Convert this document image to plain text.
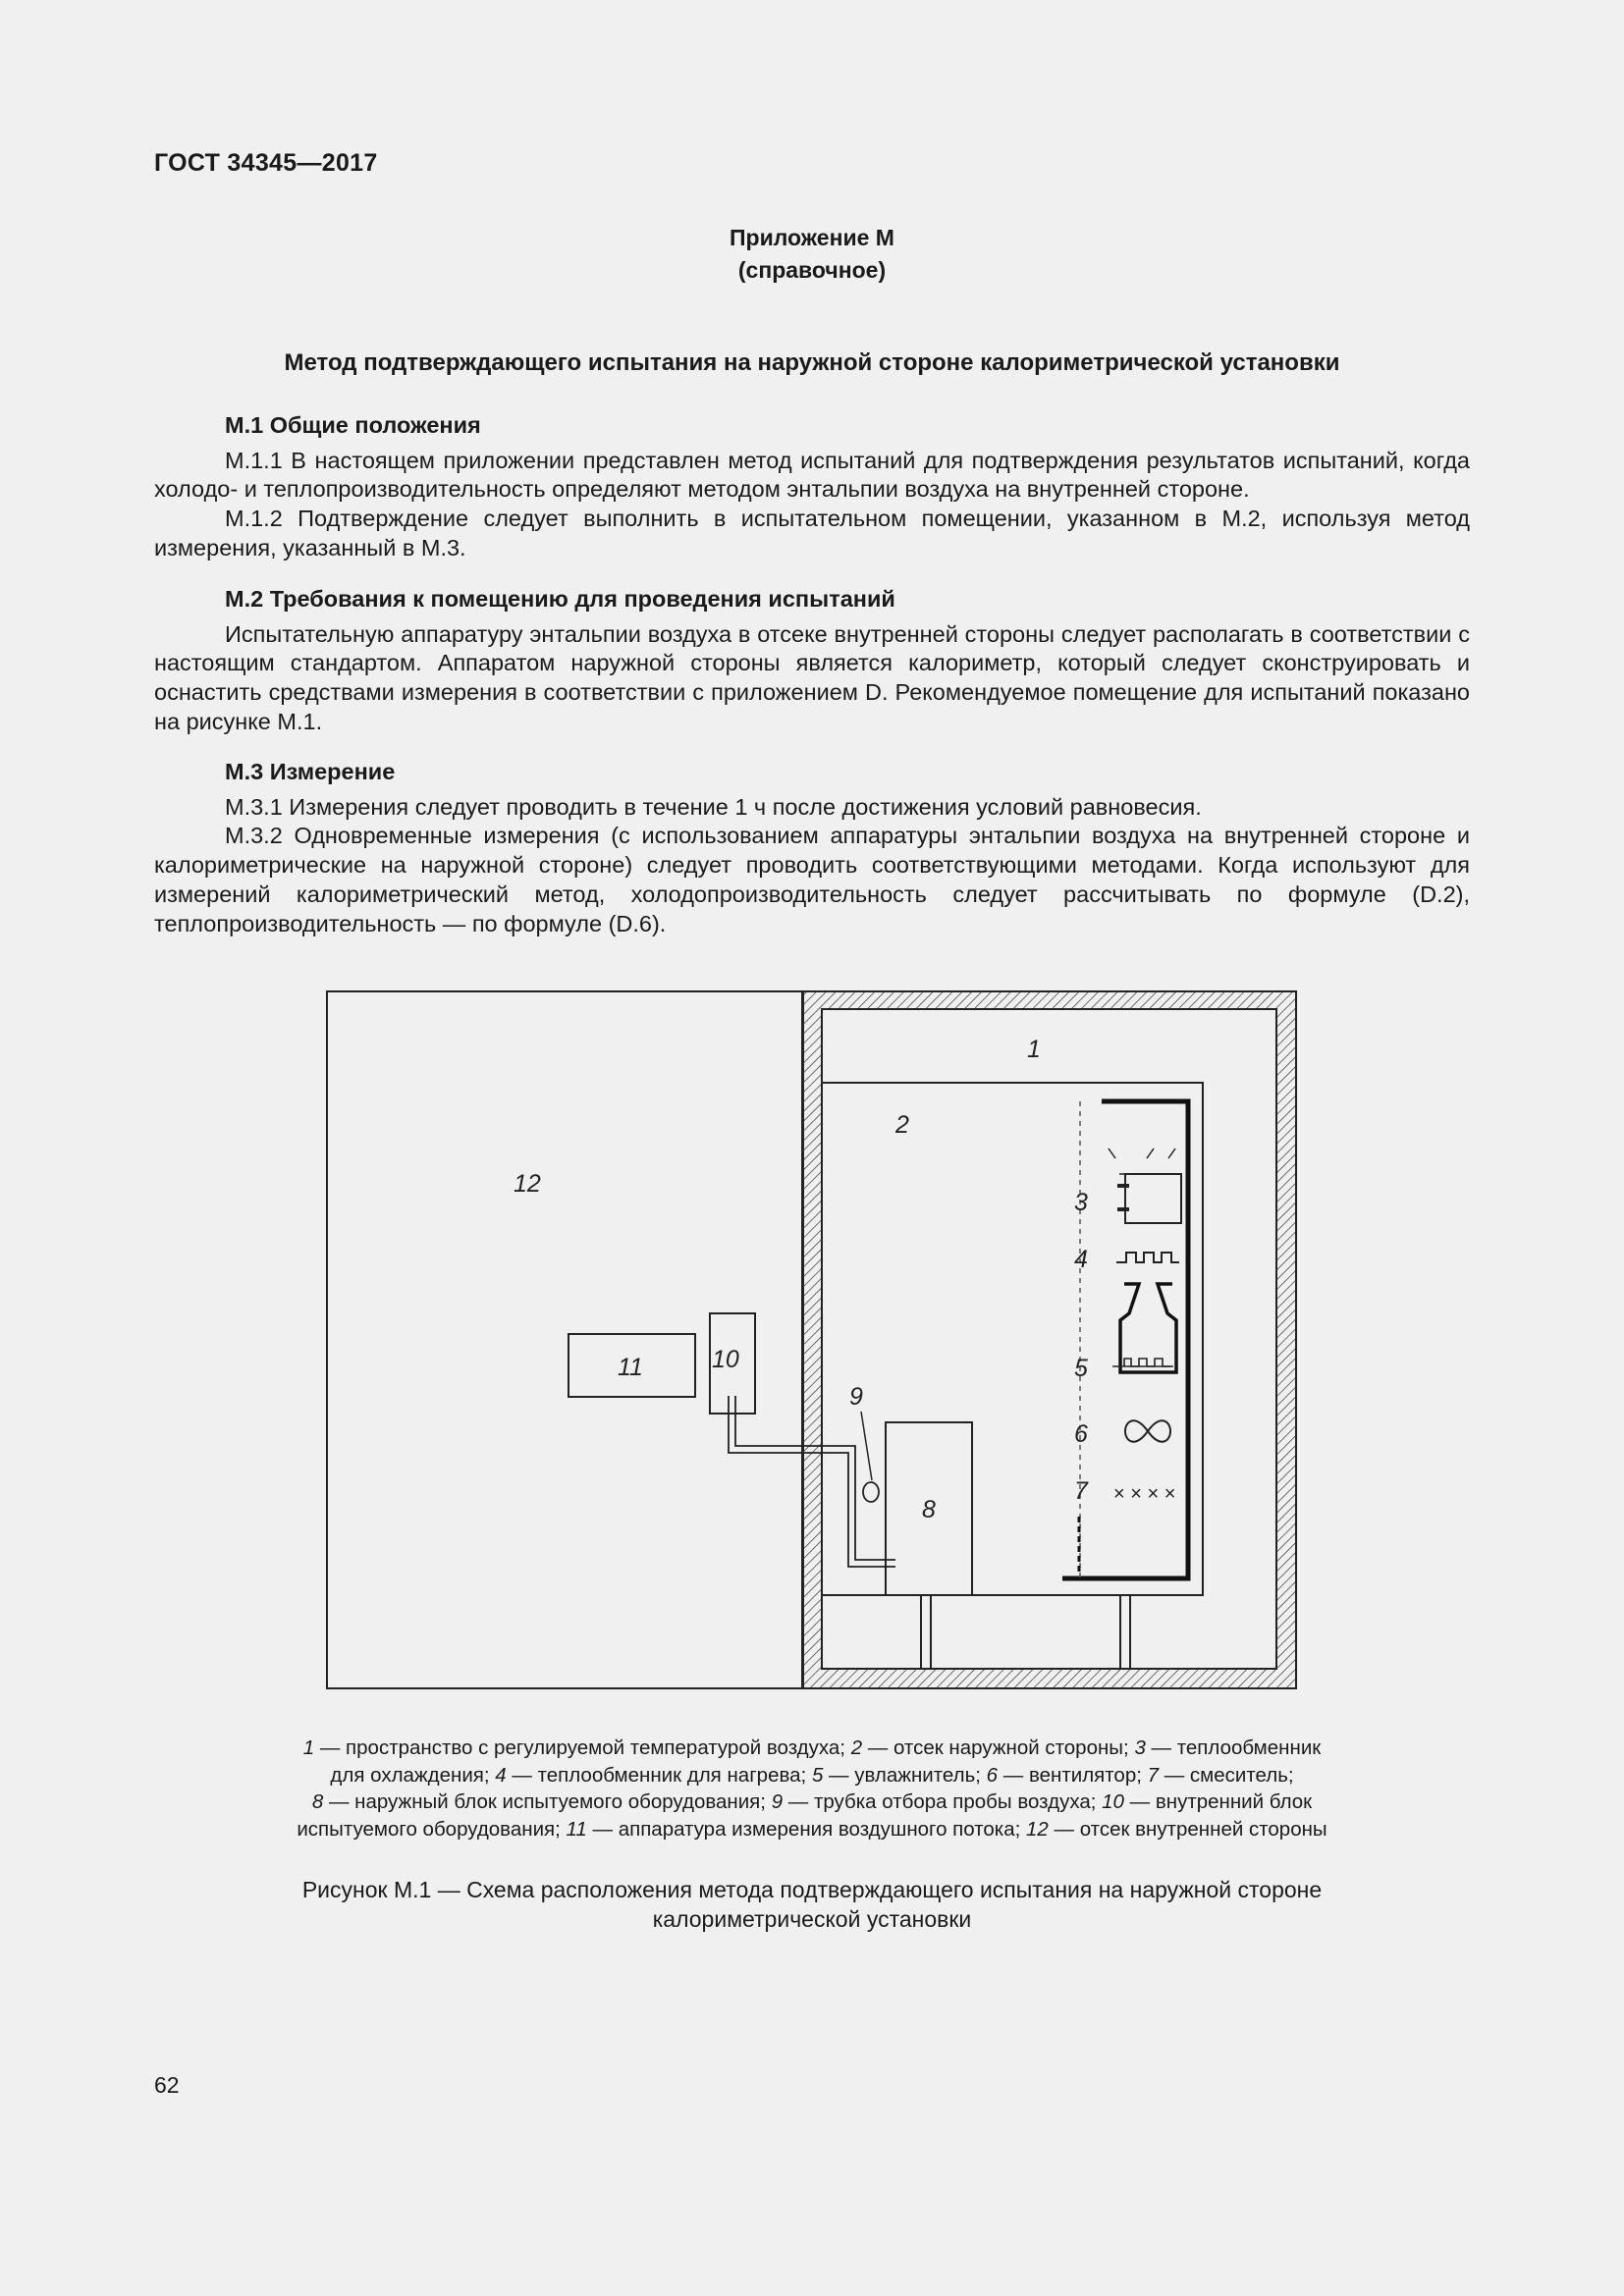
ГОСТ 34345—2017
Приложение М
(справочное)
Метод подтверждающего испытания на наружной стороне калориметрической установки

М.1 Общие положения

М.1.1 В настоящем приложении представлен метод испытаний для подтверждения результатов испытаний, когда холодо- и теплопроизводительность определяют методом энтальпии воздуха на внутренней стороне.

М.1.2 Подтверждение следует выполнить в испытательном помещении, указанном в М.2, используя метод измерения, указанный в М.3.

М.2 Требования к помещению для проведения испытаний

Испытательную аппаратуру энтальпии воздуха в отсеке внутренней стороны следует располагать в соответствии с настоящим стандартом. Аппаратом наружной стороны является калориметр, который следует сконструировать и оснастить средствами измерения в соответствии с приложением D. Рекомендуемое помещение для испытаний показано на рисунке М.1.

М.3 Измерение

М.3.1 Измерения следует проводить в течение 1 ч после достижения условий равновесия.

М.3.2 Одновременные измерения (с использованием аппаратуры энтальпии воздуха на внутренней стороне и калориметрические на наружной стороне) следует проводить соответствующими методами. Когда используют для измерений калориметрический метод, холодопроизводительность следует рассчитывать по формуле (D.2), теплопроизводительность — по формуле (D.6).

× × × ×
1
2
3
4
5
6
7
8
9
10
11
12
1 — пространство с регулируемой температурой воздуха; 2 — отсек наружной стороны; 3 — теплообменник
для охлаждения; 4 — теплообменник для нагрева; 5 — увлажнитель; 6 — вентилятор; 7 — смеситель;
8 — наружный блок испытуемого оборудования; 9 — трубка отбора пробы воздуха; 10 — внутренний блок
испытуемого оборудования; 11 — аппаратура измерения воздушного потока; 12 — отсек внутренней стороны
Рисунок М.1 — Схема расположения метода подтверждающего испытания на наружной стороне
калориметрической установки
62
